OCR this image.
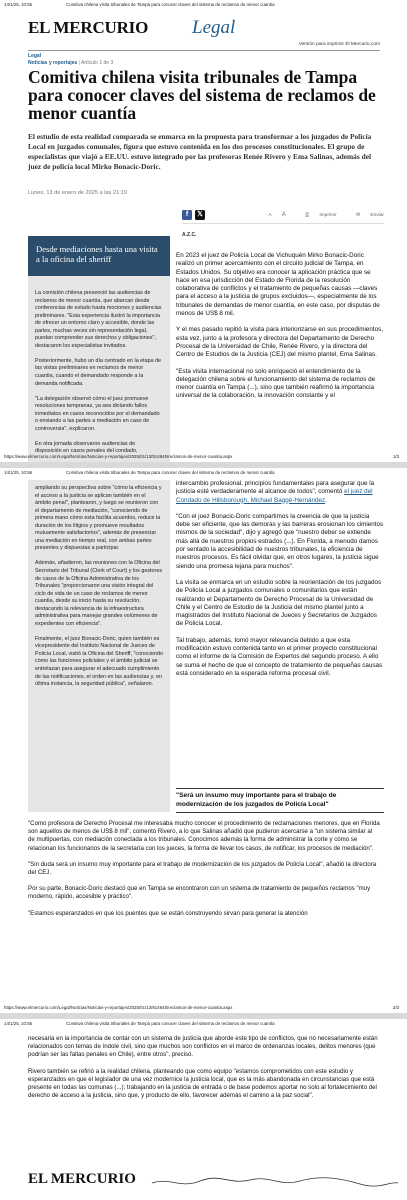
14/1/25, 10:56	Comitiva chilena visita tribunales de Tampa para conocer claves del sistema de reclamos de menor cuantía
EL MERCURIO Legal
Versión para imprimir El Mercurio.com
Legal
Noticias y reportajes | Artículo 1 de 3
Comitiva chilena visita tribunales de Tampa para conocer claves del sistema de reclamos de menor cuantía
El estudio de esta realidad comparada se enmarca en la propuesta para transformar a los juzgados de Policía Local en juzgados comunales, figura que estuvo contenida en los dos procesos constitucionales. El grupo de especialistas que viajó a EE.UU. estuvo integrado por las profesoras Renée Rivero y Ema Salinas, además del juez de policía local Mirko Bonacic-Doric.
Lunes, 13 de enero de 2025 a las 21:19
f	𝕏	A A	⎙ Imprimir	✉ Enviar
A.Z.C.
Desde mediaciones hasta una visita a la oficina del sheriff

La comisión chilena presenció las audiencias de reclamos de menor cuantía, que abarcan desde conferencias de estado hasta mociones y audiencias preliminares. "Esta experiencia ilustró la importancia de ofrecer un entorno claro y accesible, donde las partes, muchas veces sin representación legal, puedan comprender sus derechos y obligaciones", destacaron los especialistas invitados.

Posteriormente, hubo un día centrado en la etapa de las vistas preliminares en reclamos de menor cuantía, cuando el demandado responde a la demanda notificada.

"La delegación observó cómo el juez promueve resoluciones tempranas, ya sea dictando fallos inmediatos en casos reconocidos por el demandado o enviando a las partes a mediación en caso de controversia", explicaron.

En otra jornada observaron audiencias de disposición en casos penales del condado,

En 2023 el juez de Policía Local de Vichuquén Mirko Bonacic-Doric realizó un primer acercamiento con el circuito judicial de Tampa, en Estados Unidos. Su objetivo era conocer la aplicación práctica que se hace en esa jurisdicción del Estado de Florida de la resolución colaborativa de conflictos y el tratamiento de pequeñas causas —claves para el acceso a la justicia de grupos excluidos—, especialmente de los tribunales de demandas de menor cuantía, en este caso, por disputas de menos de US$ 8 mil.

Y el mes pasado repitió la visita para interiorizarse en sus procedimientos, esta vez, junto a la profesora y directora del Departamento de Derecho Procesal de la Universidad de Chile, Renée Rivero, y la directora del Centro de Estudios de la Justicia (CEJ) del mismo plantel, Ema Salinas.

"Esta visita internacional no solo enriqueció el entendimiento de la delegación chilena sobre el funcionamiento del sistema de reclamos de menor cuantía en Tampa (...), sino que también reafirmó la importancia universal de la colaboración, la innovación constante y el

https://www.elmercurio.com/Legal/Noticias/Noticias-y-reportajes/2025/01/13/914645/reclamos-de-menor-cuantia.aspx	1/3
14/1/25, 10:56	Comitiva chilena visita tribunales de Tampa para conocer claves del sistema de reclamos de menor cuantía

ampliando su perspectiva sobre "cómo la eficiencia y el acceso a la justicia se aplican también en el ámbito penal", plantearon, y luego se reunieron con el departamento de mediación, "conociendo de primera mano cómo esta facilita acuerdos, reduce la duración de los litigios y promueve resultados mutuamente satisfactorios", además de presenciar una mediación en tiempo real, con ambas partes presentes y dispuestas a participar.

Además, añadieron, las reuniones con la Oficina del Secretario del Tribunal (Clerk of Court) y los gestores de casos de la Oficina Administrativa de los Tribunales "proporcionaron una visión integral del ciclo de vida de un caso de reclamos de menor cuantía, desde su inicio hasta su resolución, destacando la relevancia de la infraestructura administrativa para manejar grandes volúmenes de expedientes con eficiencia".

Finalmente, el juez Bonacic-Doric, quien también es vicepresidente del Instituto Nacional de Jueces de Policía Local, visitó la Oficina del Sheriff, "conociendo cómo las funciones policiales y el ámbito judicial se entrelazan para asegurar el adecuado cumplimiento de las notificaciones, el orden en las audiencias y, en última instancia, la seguridad pública", señalaron.

intercambio profesional, principios fundamentales para asegurar que la justicia esté verdaderamente al alcance de todos", comentó el juez del Condado de Hillsborough, Michael Baggé-Hernández.

"Con el juez Bonacic-Doric compartimos la creencia de que la justicia debe ser eficiente, que las demoras y las barreras erosionan los cimientos mismos de la sociedad", dijo y agregó que "nuestro deber se extiende más allá de nuestros propios estrados (...). En Florida, a menudo damos por sentado la accesibilidad de nuestros tribunales, la eficiencia de nuestros procesos. Es fácil olvidar que, en otros lugares, la justicia sigue siendo una promesa lejana para muchos".

La visita se enmarca en un estudio sobre la reorientación de los juzgados de Policía Local a juzgados comunales o comunitarios que están realizando el Departamento de Derecho Procesal de la Universidad de Chile y el Centro de Estudio de la Justicia del mismo plantel junto a magistrados del Instituto Nacional de Jueces y Secretarios de Juzgados de Policía Local.

Tal trabajo, además, tomó mayor relevancia debido a que esta modificación estuvo contenida tanto en el primer proyecto constitucional como el informe de la Comisión de Expertos del segundo proceso. A ello se suma el hecho de que el concepto de tratamiento de pequeñas causas está considerado en la esperada reforma procesal civil.

"Será un insumo muy importante para el trabajo de modernización de los juzgados de Policía Local"

"Como profesora de Derecho Procesal me interesaba mucho conocer el procedimiento de reclamaciones menores, que en Florida son aquellos de menos de US$ 8 mil", comentó Rivero, a lo que Salinas añadió que pudieron acercarse a "un sistema similar al de multipuertas, con mediación conectada a los tribunales. Conocimos además la forma de administrar la corte y cómo se relacionan los funcionarios de la secretaría con los jueces, la forma de llevar los casos, de notificar, los procesos de mediación".

"Sin duda será un insumo muy importante para el trabajo de modernización de los juzgados de Policía Local", añadió la directora del CEJ.

Por su parte, Bonacic-Doric destacó que en Tampa se encontraron con un sistema de tratamiento de pequeños reclamos "muy moderno, rápido, accesible y práctico".

"Estamos esperanzados en que los puentes que se están construyendo sirvan para generar la atención

https://www.elmercurio.com/Legal/Noticias/Noticias-y-reportajes/2025/01/13/914645/reclamos-de-menor-cuantia.aspx	2/3
14/1/25, 10:56	Comitiva chilena visita tribunales de Tampa para conocer claves del sistema de reclamos de menor cuantía

necesaria en la importancia de contar con un sistema de justicia que aborde este tipo de conflictos, que no necesariamente están relacionados con temas de índole civil, sino que muchos son conflictos en el marco de ordenanzas locales, delitos menores (que podrían ser las faltas penales en Chile), entre otros", precisó.

Rivero también se refirió a la realidad chilena, planteando que como equipo "estamos comprometidos con este estudio y esperanzados en que el legislador de una vez modernice la justicia local, que es la más abandonada en circunstancias que está presente en todas las comunas (...); trabajando en la justicia de entrada o de base podemos aportar no solo al fortalecimiento del derecho de acceso a la justicia, sino que, y producto de ello, favorecer además el camino a la paz social".

EL MERCURIO
